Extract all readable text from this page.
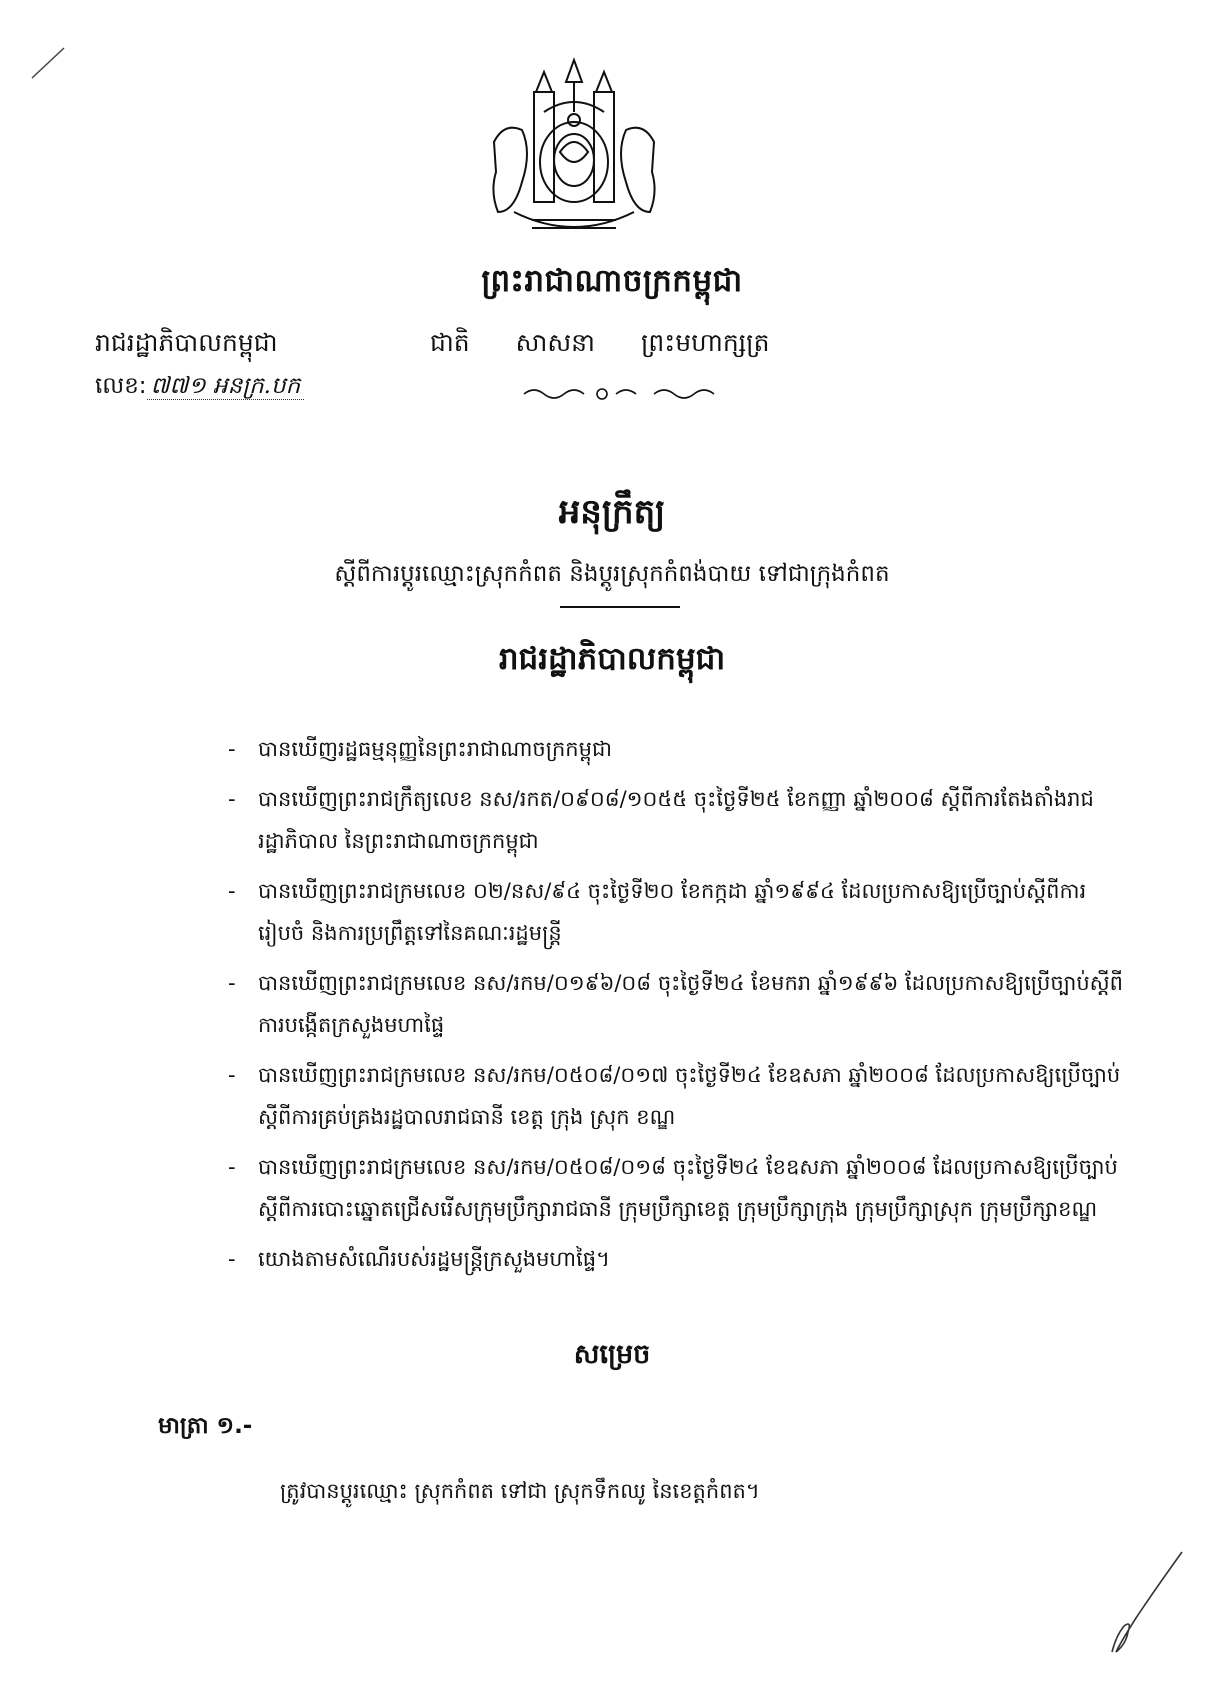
ព្រះរាជាណាចក្រកម្ពុជា
រាជរដ្ឋាភិបាលកម្ពុជា	ជាតិ សាសនា ព្រះមហាក្សត្រ
លេខ: ៧៧១ អនក្រ.បក
អនុក្រឹត្យ
ស្តីពីការប្តូរឈ្មោះស្រុកកំពត និងប្តូរស្រុកកំពង់បាយ ទៅជាក្រុងកំពត
រាជរដ្ឋាភិបាលកម្ពុជា
- បានឃើញរដ្ឋធម្មនុញ្ញនៃព្រះរាជាណាចក្រកម្ពុជា
- បានឃើញព្រះរាជក្រឹត្យលេខ នស/រកត/០៩០៨/១០៥៥ ចុះថ្ងៃទី២៥ ខែកញ្ញា ឆ្នាំ២០០៨ ស្តីពីការតែងតាំងរាជរដ្ឋាភិបាល នៃព្រះរាជាណាចក្រកម្ពុជា
- បានឃើញព្រះរាជក្រមលេខ ០២/នស/៩៤ ចុះថ្ងៃទី២០ ខែកក្កដា ឆ្នាំ១៩៩៤ ដែលប្រកាសឱ្យប្រើច្បាប់ស្តីពីការរៀបចំ និងការប្រព្រឹត្តទៅនៃគណៈរដ្ឋមន្ត្រី
- បានឃើញព្រះរាជក្រមលេខ នស/រកម/០១៩៦/០៨ ចុះថ្ងៃទី២៤ ខែមករា ឆ្នាំ១៩៩៦ ដែលប្រកាសឱ្យប្រើច្បាប់ស្តីពីការបង្កើតក្រសួងមហាផ្ទៃ
- បានឃើញព្រះរាជក្រមលេខ នស/រកម/០៥០៨/០១៧ ចុះថ្ងៃទី២៤ ខែឧសភា ឆ្នាំ២០០៨ ដែលប្រកាសឱ្យប្រើច្បាប់ស្តីពីការគ្រប់គ្រងរដ្ឋបាលរាជធានី ខេត្ត ក្រុង ស្រុក ខណ្ឌ
- បានឃើញព្រះរាជក្រមលេខ នស/រកម/០៥០៨/០១៨ ចុះថ្ងៃទី២៤ ខែឧសភា ឆ្នាំ២០០៨ ដែលប្រកាសឱ្យប្រើច្បាប់ស្តីពីការបោះឆ្នោតជ្រើសរើសក្រុមប្រឹក្សារាជធានី ក្រុមប្រឹក្សាខេត្ត ក្រុមប្រឹក្សាក្រុង ក្រុមប្រឹក្សាស្រុក ក្រុមប្រឹក្សាខណ្ឌ
- យោងតាមសំណើរបស់រដ្ឋមន្ត្រីក្រសួងមហាផ្ទៃ។
សម្រេច
មាត្រា ១.-
ត្រូវបានប្តូរឈ្មោះ ស្រុកកំពត ទៅជា ស្រុកទឹកឈូ នៃខេត្តកំពត។
